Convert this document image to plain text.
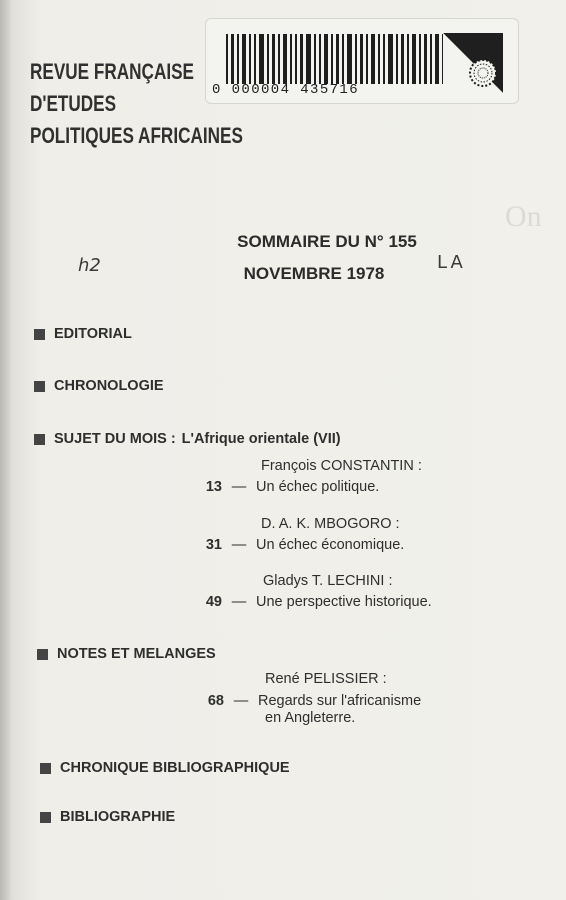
On
REVUE FRANÇAISE
D'ETUDES
POLITIQUES AFRICAINES
0 000004 435716
SOMMAIRE DU N° 155
NOVEMBRE 1978
h2	LA
EDITORIAL
CHRONOLOGIE
SUJET DU MOIS : L'Afrique orientale (VII)
François CONSTANTIN :
13 — Un échec politique.
D. A. K. MBOGORO :
31 — Un échec économique.
Gladys T. LECHINI :
49 — Une perspective historique.
NOTES ET MELANGES
René PELISSIER :
68 — Regards sur l'africanisme
en Angleterre.
CHRONIQUE BIBLIOGRAPHIQUE
BIBLIOGRAPHIE
